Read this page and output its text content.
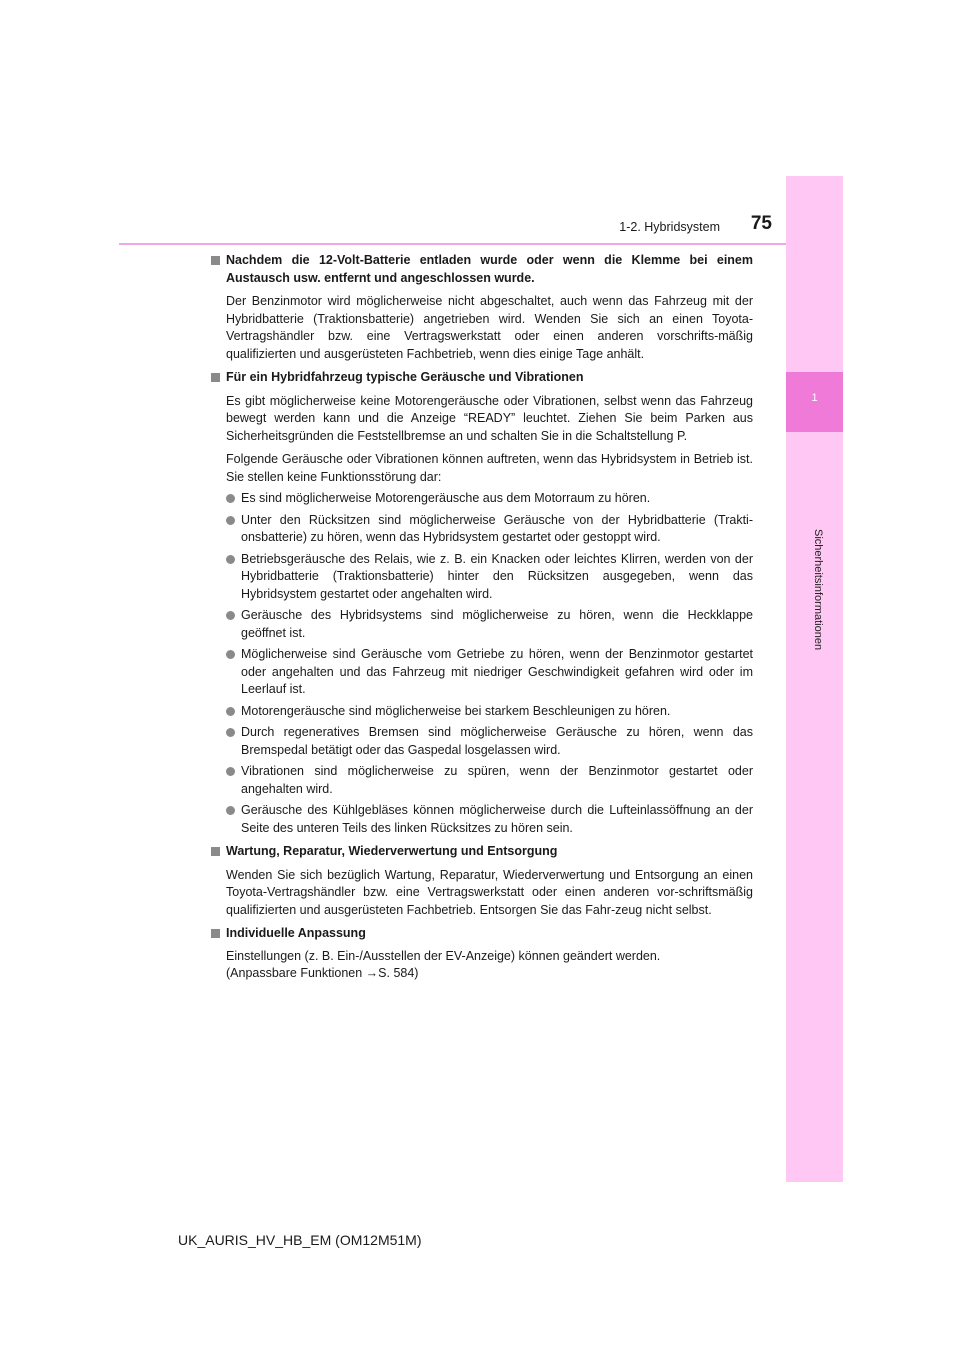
1
Sicherheitsinformationen
1-2. Hybridsystem	75
Nachdem die 12-Volt-Batterie entladen wurde oder wenn die Klemme bei einem Austausch usw. entfernt und angeschlossen wurde.
Der Benzinmotor wird möglicherweise nicht abgeschaltet, auch wenn das Fahrzeug mit der Hybridbatterie (Traktionsbatterie) angetrieben wird. Wenden Sie sich an einen Toyota-Vertragshändler bzw. eine Vertragswerkstatt oder einen anderen vorschrifts-mäßig qualifizierten und ausgerüsteten Fachbetrieb, wenn dies einige Tage anhält.
Für ein Hybridfahrzeug typische Geräusche und Vibrationen
Es gibt möglicherweise keine Motorengeräusche oder Vibrationen, selbst wenn das Fahrzeug bewegt werden kann und die Anzeige “READY” leuchtet. Ziehen Sie beim Parken aus Sicherheitsgründen die Feststellbremse an und schalten Sie in die Schaltstellung P.
Folgende Geräusche oder Vibrationen können auftreten, wenn das Hybridsystem in Betrieb ist. Sie stellen keine Funktionsstörung dar:
Es sind möglicherweise Motorengeräusche aus dem Motorraum zu hören.
Unter den Rücksitzen sind möglicherweise Geräusche von der Hybridbatterie (Trakti-onsbatterie) zu hören, wenn das Hybridsystem gestartet oder gestoppt wird.
Betriebsgeräusche des Relais, wie z. B. ein Knacken oder leichtes Klirren, werden von der Hybridbatterie (Traktionsbatterie) hinter den Rücksitzen ausgegeben, wenn das Hybridsystem gestartet oder angehalten wird.
Geräusche des Hybridsystems sind möglicherweise zu hören, wenn die Heckklappe geöffnet ist.
Möglicherweise sind Geräusche vom Getriebe zu hören, wenn der Benzinmotor gestartet oder angehalten und das Fahrzeug mit niedriger Geschwindigkeit gefahren wird oder im Leerlauf ist.
Motorengeräusche sind möglicherweise bei starkem Beschleunigen zu hören.
Durch regeneratives Bremsen sind möglicherweise Geräusche zu hören, wenn das Bremspedal betätigt oder das Gaspedal losgelassen wird.
Vibrationen sind möglicherweise zu spüren, wenn der Benzinmotor gestartet oder angehalten wird.
Geräusche des Kühlgebläses können möglicherweise durch die Lufteinlassöffnung an der Seite des unteren Teils des linken Rücksitzes zu hören sein.
Wartung, Reparatur, Wiederverwertung und Entsorgung
Wenden Sie sich bezüglich Wartung, Reparatur, Wiederverwertung und Entsorgung an einen Toyota-Vertragshändler bzw. eine Vertragswerkstatt oder einen anderen vor-schriftsmäßig qualifizierten und ausgerüsteten Fachbetrieb. Entsorgen Sie das Fahr-zeug nicht selbst.
Individuelle Anpassung
Einstellungen (z. B. Ein-/Ausstellen der EV-Anzeige) können geändert werden.
(Anpassbare Funktionen →S. 584)
UK_AURIS_HV_HB_EM (OM12M51M)
